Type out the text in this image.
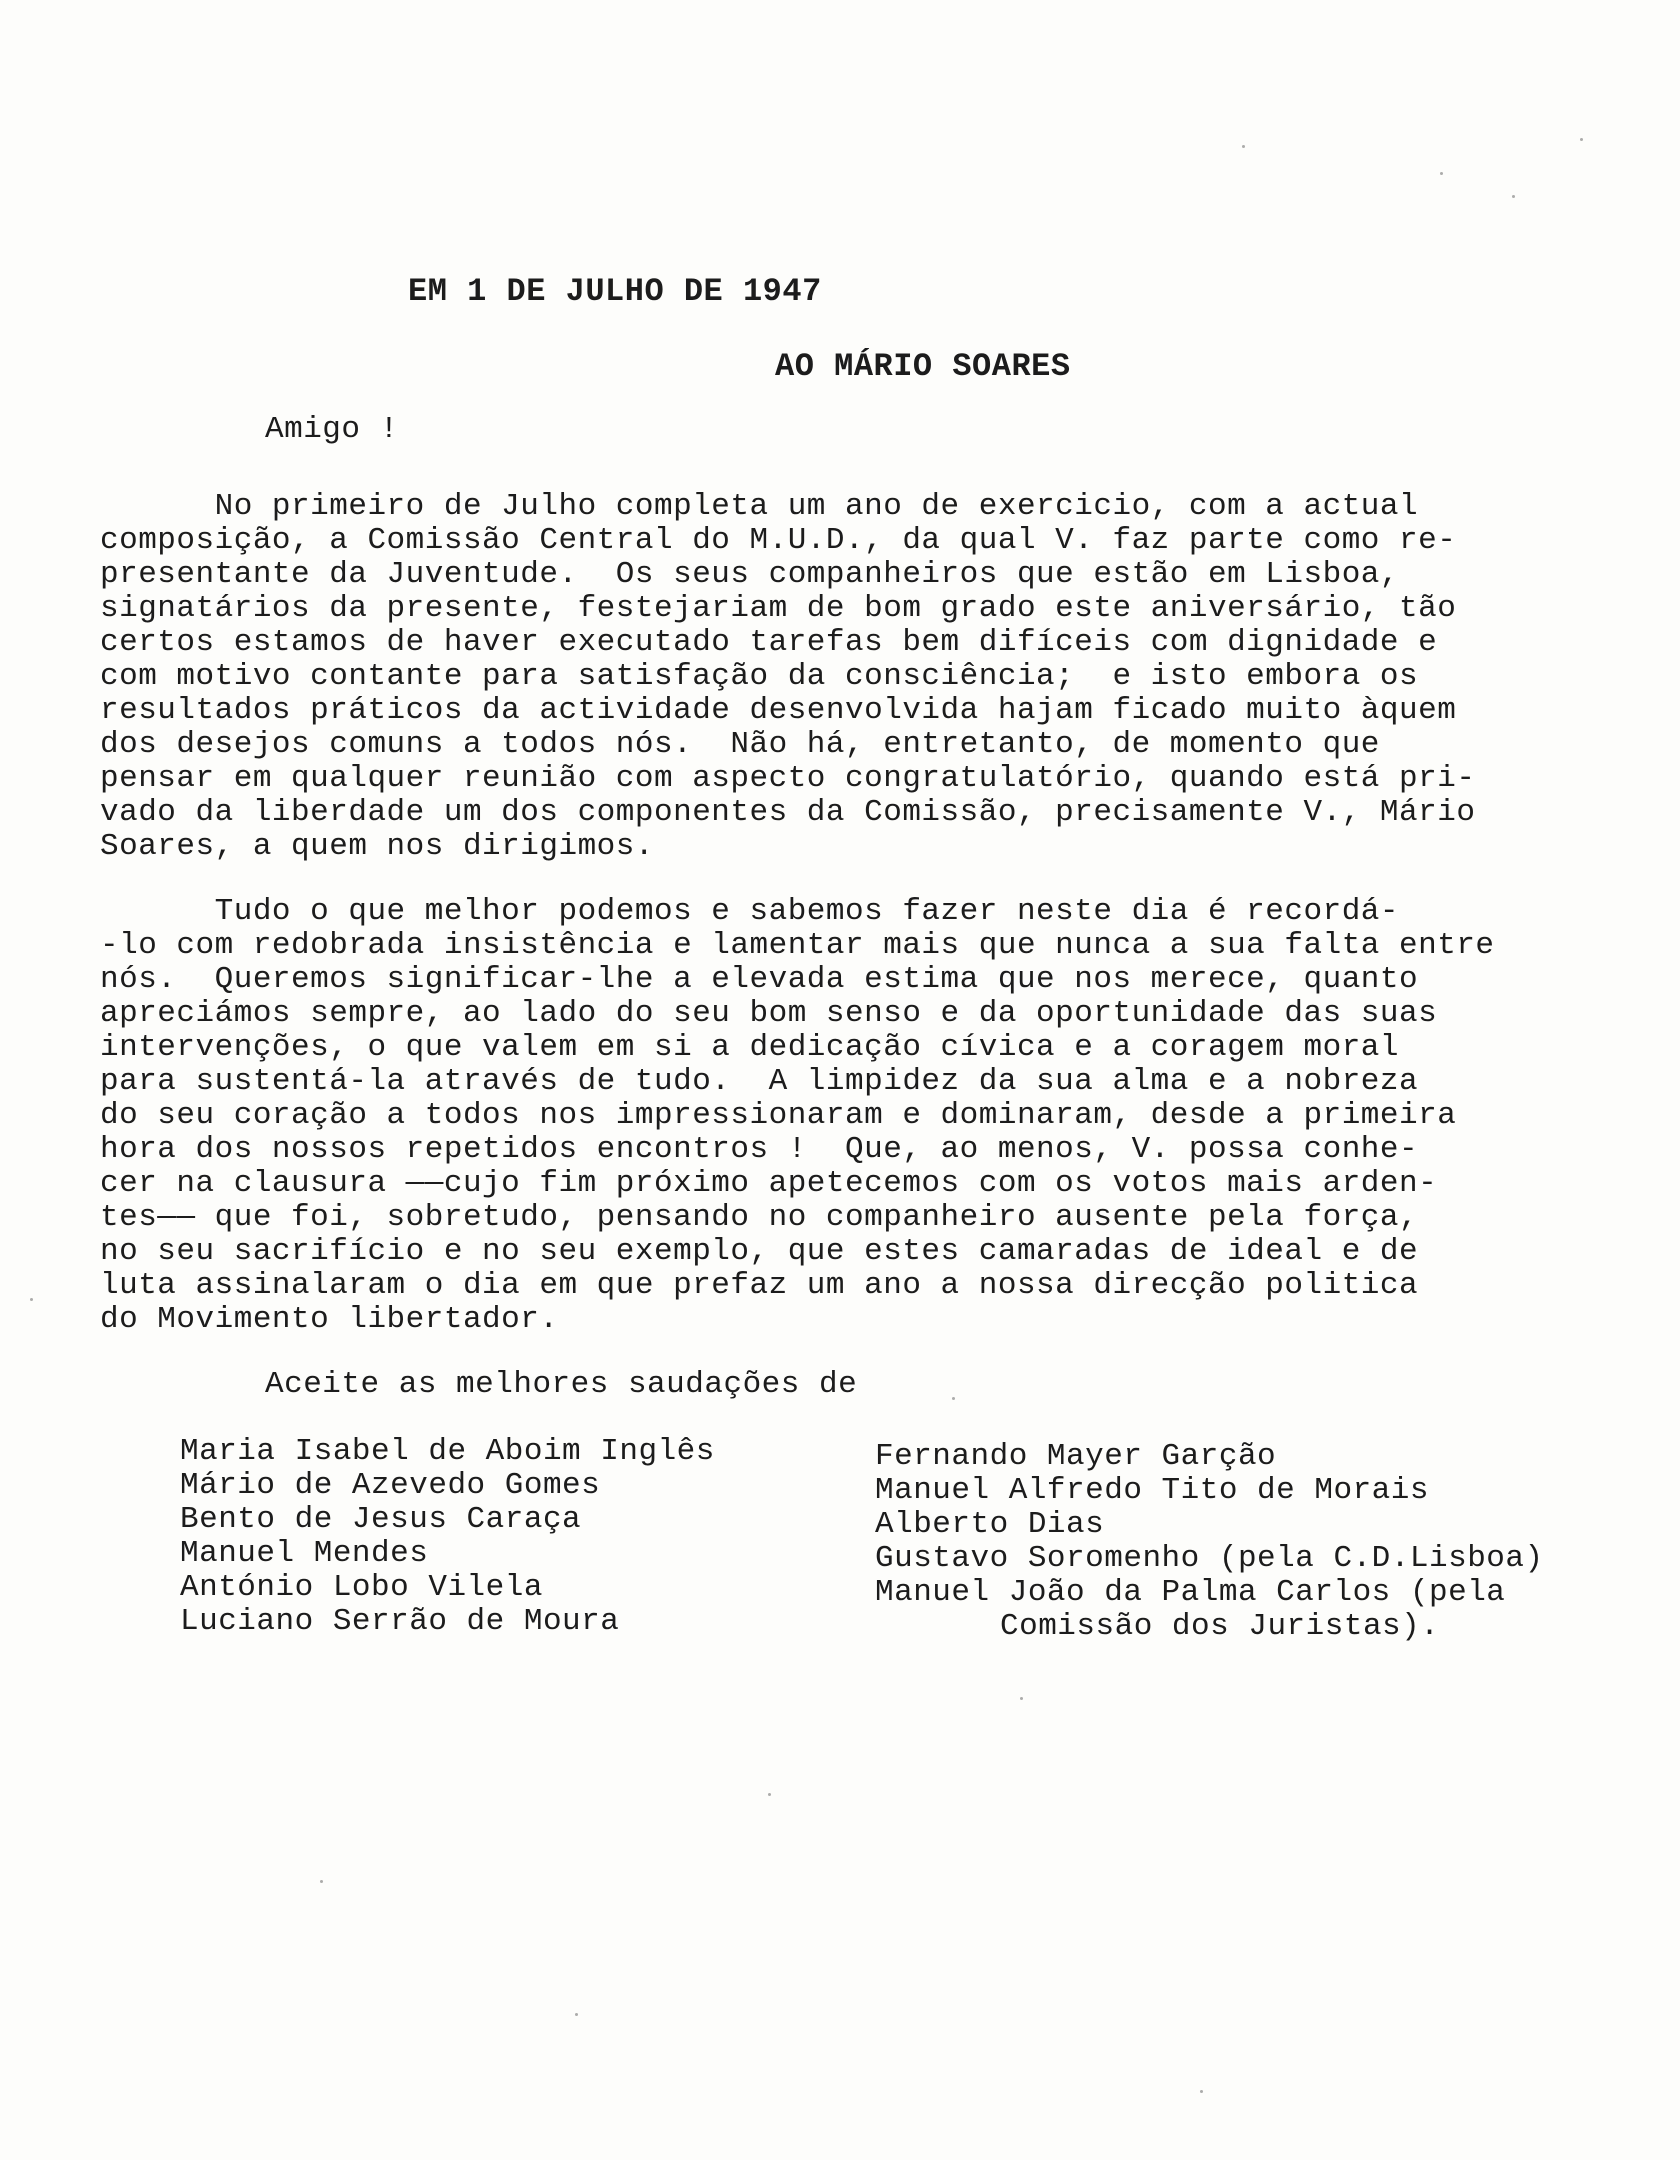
EM 1 DE JULHO DE 1947
AO MÁRIO SOARES
Amigo !
No primeiro de Julho completa um ano de exercicio, com a actual
composição, a Comissão Central do M.U.D., da qual V. faz parte como re-
presentante da Juventude.  Os seus companheiros que estão em Lisboa,
signatários da presente, festejariam de bom grado este aniversário, tão
certos estamos de haver executado tarefas bem difíceis com dignidade e
com motivo contante para satisfação da consciência;  e isto embora os
resultados práticos da actividade desenvolvida hajam ficado muito àquem
dos desejos comuns a todos nós.  Não há, entretanto, de momento que
pensar em qualquer reunião com aspecto congratulatório, quando está pri-
vado da liberdade um dos componentes da Comissão, precisamente V., Mário
Soares, a quem nos dirigimos.
Tudo o que melhor podemos e sabemos fazer neste dia é recordá-
-lo com redobrada insistência e lamentar mais que nunca a sua falta entre
nós.  Queremos significar-lhe a elevada estima que nos merece, quanto
apreciámos sempre, ao lado do seu bom senso e da oportunidade das suas
intervenções, o que valem em si a dedicação cívica e a coragem moral
para sustentá-la através de tudo.  A limpidez da sua alma e a nobreza
do seu coração a todos nos impressionaram e dominaram, desde a primeira
hora dos nossos repetidos encontros !  Que, ao menos, V. possa conhe-
cer na clausura ——cujo fim próximo apetecemos com os votos mais arden-
tes—— que foi, sobretudo, pensando no companheiro ausente pela força,
no seu sacrifício e no seu exemplo, que estes camaradas de ideal e de
luta assinalaram o dia em que prefaz um ano a nossa direcção politica
do Movimento libertador.
Aceite as melhores saudações de
Maria Isabel de Aboim Inglês
Mário de Azevedo Gomes
Bento de Jesus Caraça
Manuel Mendes
António Lobo Vilela
Luciano Serrão de Moura
Fernando Mayer Garção
Manuel Alfredo Tito de Morais
Alberto Dias
Gustavo Soromenho (pela C.D.Lisboa)
Manuel João da Palma Carlos (pela
Comissão dos Juristas).
